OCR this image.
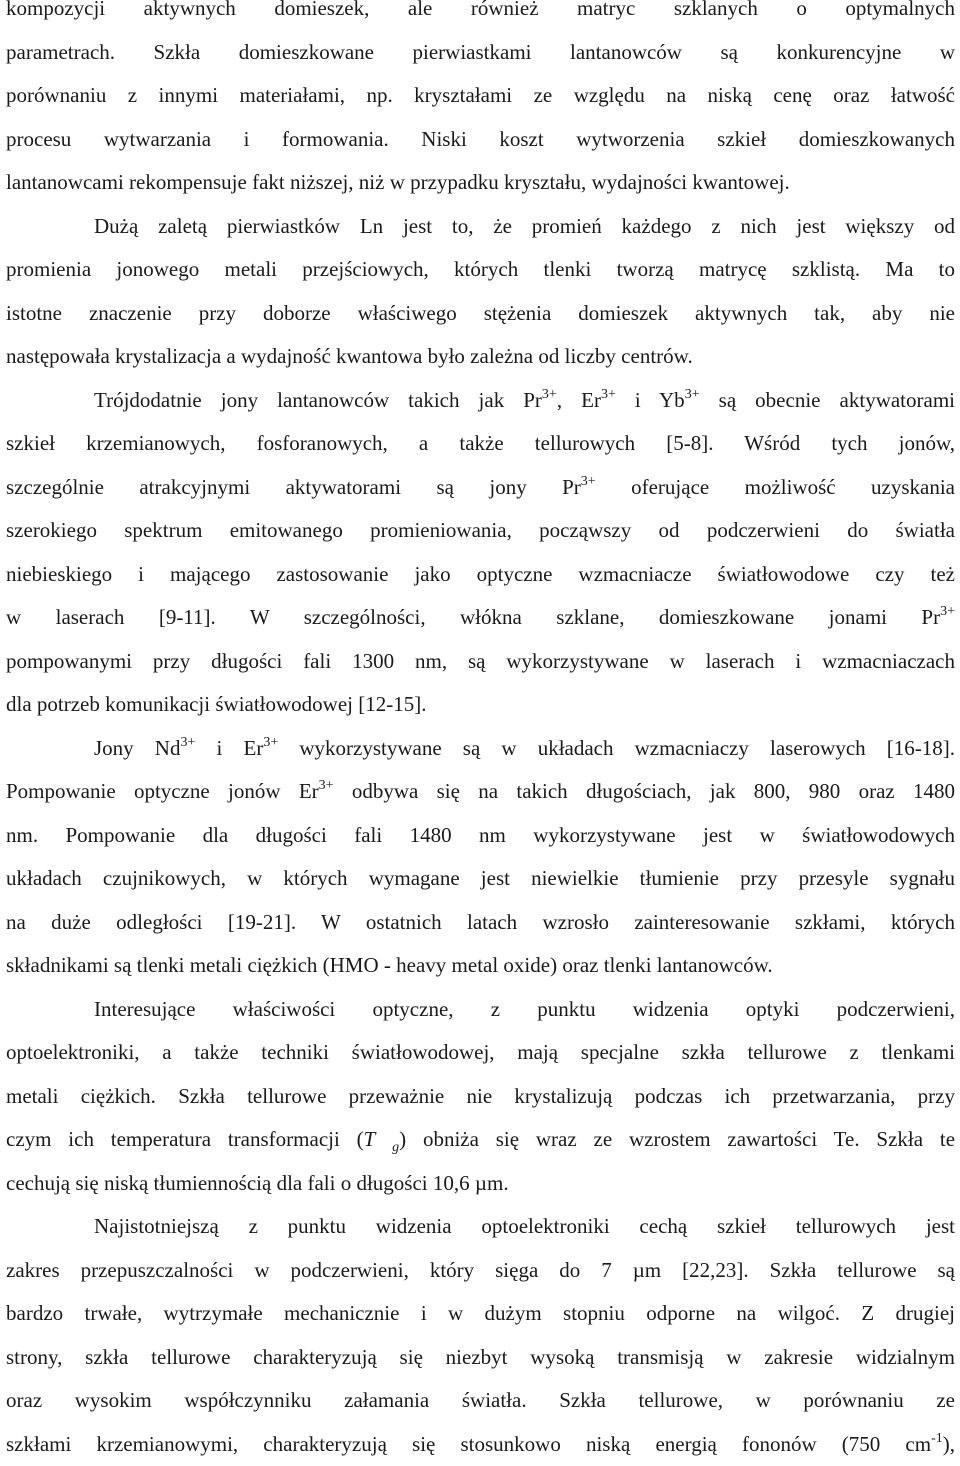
kompozycji aktywnych domieszek, ale również matryc szklanych o optymalnych
parametrach. Szkła domieszkowane pierwiastkami lantanowców są konkurencyjne w
porównaniu z innymi materiałami, np. kryształami ze względu na niską cenę oraz łatwość
procesu wytwarzania i formowania. Niski koszt wytworzenia szkieł domieszkowanych
lantanowcami rekompensuje fakt niższej, niż w przypadku kryształu, wydajności kwantowej.
Dużą zaletą pierwiastków Ln jest to, że promień każdego z nich jest większy od
promienia jonowego metali przejściowych, których tlenki tworzą matrycę szklistą. Ma to
istotne znaczenie przy doborze właściwego stężenia domieszek aktywnych tak, aby nie
następowała krystalizacja a wydajność kwantowa było zależna od liczby centrów.
Trójdodatnie jony lantanowców takich jak $Pr^{3+}$, $Er^{3+}$ i $Yb^{3+}$ są obecnie aktywatorami
szkieł krzemianowych, fosforanowych, a także tellurowych [5-8]. Wśród tych jonów,
szczególnie atrakcyjnymi aktywatorami są jony $Pr^{3+}$ oferujące możliwość uzyskania
szerokiego spektrum emitowanego promieniowania, począwszy od podczerwieni do światła
niebieskiego i mającego zastosowanie jako optyczne wzmacniacze światłowodowe czy też
w laserach [9-11]. W szczególności, włókna szklane, domieszkowane jonami $Pr^{3+}$
pompowanymi przy długości fali 1300 nm, są wykorzystywane w laserach i wzmacniaczach
dla potrzeb komunikacji światłowodowej [12-15].
Jony $Nd^{3+}$ i $Er^{3+}$ wykorzystywane są w układach wzmacniaczy laserowych [16-18].
Pompowanie optyczne jonów $Er^{3+}$ odbywa się na takich długościach, jak 800, 980 oraz 1480
nm. Pompowanie dla długości fali 1480 nm wykorzystywane jest w światłowodowych
układach czujnikowych, w których wymagane jest niewielkie tłumienie przy przesyle sygnału
na duże odległości [19-21]. W ostatnich latach wzrosło zainteresowanie szkłami, których
składnikami są tlenki metali ciężkich (HMO - heavy metal oxide) oraz tlenki lantanowców.
Interesujące właściwości optyczne, z punktu widzenia optyki podczerwieni,
optoelektroniki, a także techniki światłowodowej, mają specjalne szkła tellurowe z tlenkami
metali ciężkich. Szkła tellurowe przeważnie nie krystalizują podczas ich przetwarzania, przy
czym ich temperatura transformacji (T $_g$) obniża się wraz ze wzrostem zawartości Te. Szkła te
cechują się niską tłumiennością dla fali o długości 10,6 µm.
Najistotniejszą z punktu widzenia optoelektroniki cechą szkieł tellurowych jest
zakres przepuszczalności w podczerwieni, który sięga do 7 µm [22,23]. Szkła tellurowe są
bardzo trwałe, wytrzymałe mechanicznie i w dużym stopniu odporne na wilgoć. Z drugiej
strony, szkła tellurowe charakteryzują się niezbyt wysoką transmisją w zakresie widzialnym
oraz wysokim współczynniku załamania światła. Szkła tellurowe, w porównaniu ze
szkłami krzemianowymi, charakteryzują się stosunkowo niską energią fononów (750 $cm^{-1}$),
